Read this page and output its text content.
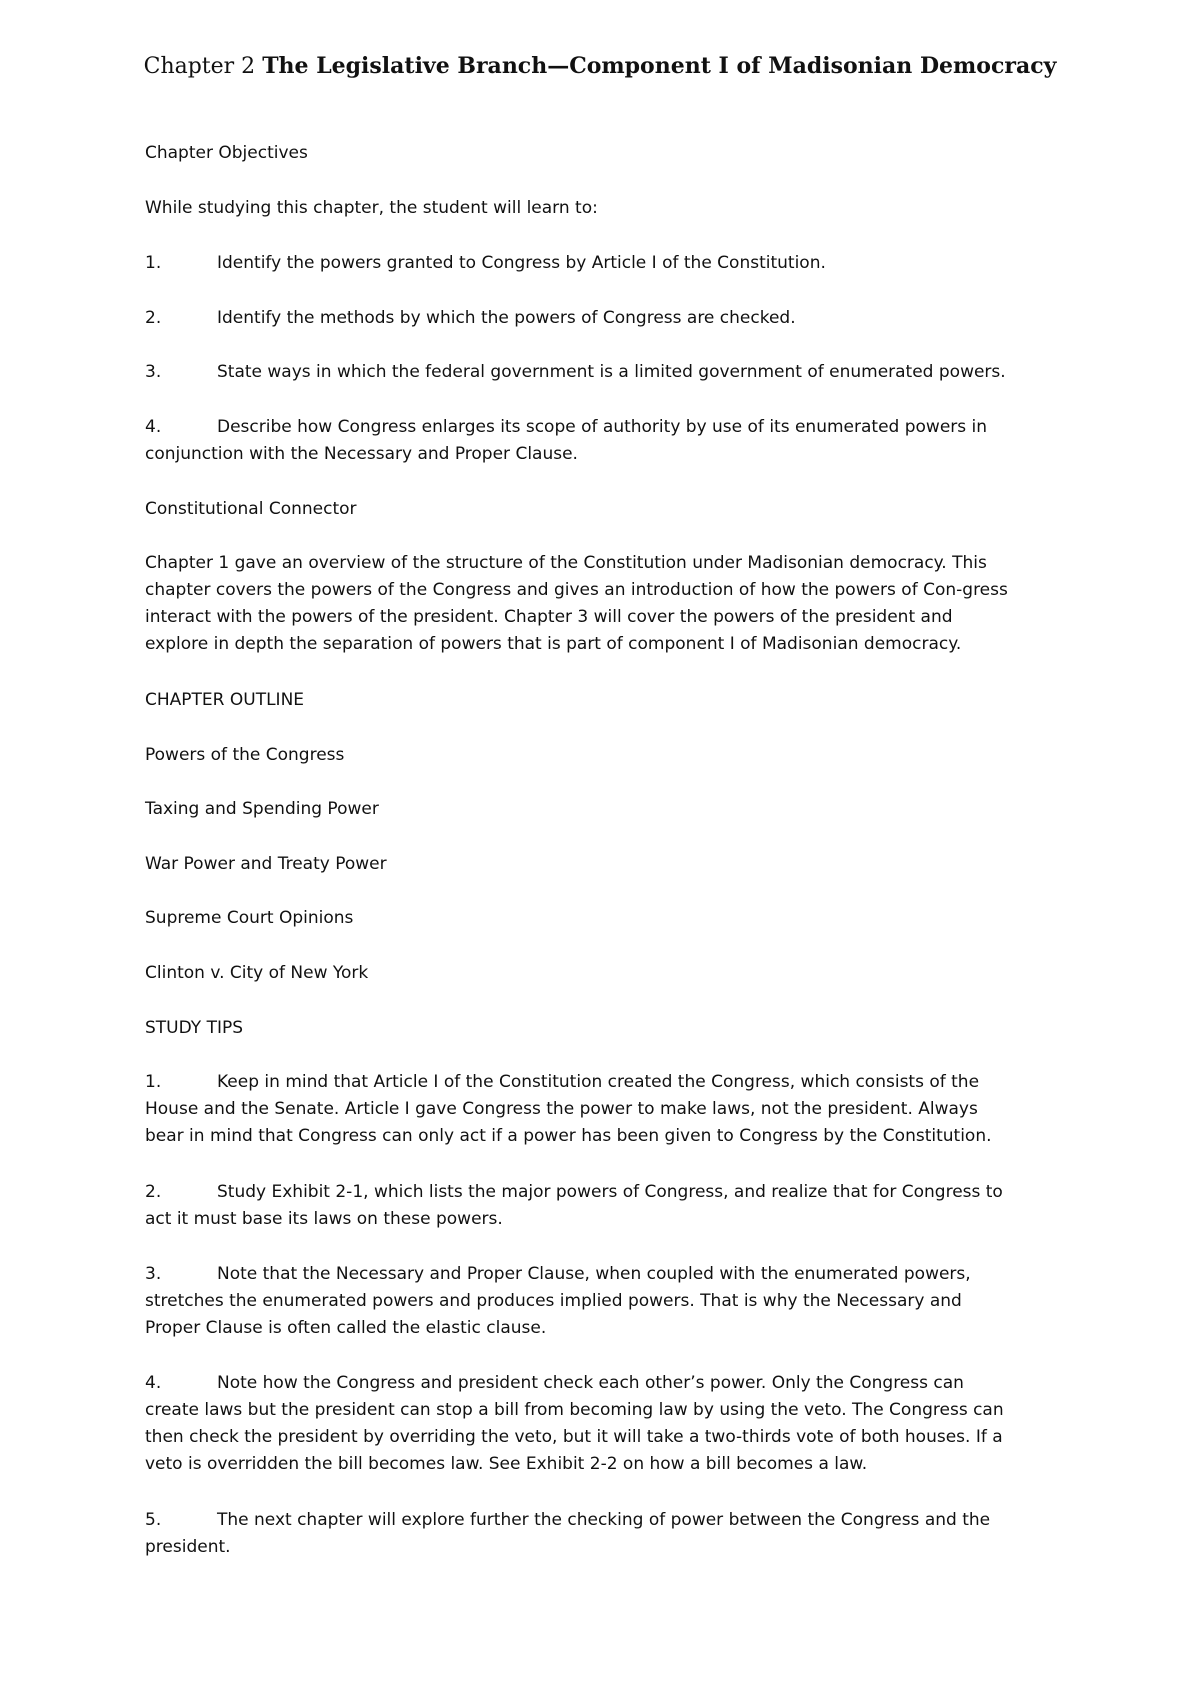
Chapter 2 The Legislative Branch—Component I of Madisonian Democracy
Chapter Objectives
While studying this chapter, the student will learn to:
1.	Identify the powers granted to Congress by Article I of the Constitution.
2.	Identify the methods by which the powers of Congress are checked.
3.	State ways in which the federal government is a limited government of enumerated powers.
4.	Describe how Congress enlarges its scope of authority by use of its enumerated powers in
conjunction with the Necessary and Proper Clause.
Constitutional Connector
Chapter 1 gave an overview of the structure of the Constitution under Madisonian democracy. This
chapter covers the powers of the Congress and gives an introduction of how the powers of Con-gress
interact with the powers of the president. Chapter 3 will cover the powers of the president and
explore in depth the separation of powers that is part of component I of Madisonian democracy.
CHAPTER OUTLINE
Powers of the Congress
Taxing and Spending Power
War Power and Treaty Power
Supreme Court Opinions
Clinton v. City of New York
STUDY TIPS
1.	Keep in mind that Article I of the Constitution created the Congress, which consists of the
House and the Senate. Article I gave Congress the power to make laws, not the president. Always
bear in mind that Congress can only act if a power has been given to Congress by the Constitution.
2.	Study Exhibit 2-1, which lists the major powers of Congress, and realize that for Congress to
act it must base its laws on these powers.
3.	Note that the Necessary and Proper Clause, when coupled with the enumerated powers,
stretches the enumerated powers and produces implied powers. That is why the Necessary and
Proper Clause is often called the elastic clause.
4.	Note how the Congress and president check each other’s power. Only the Congress can
create laws but the president can stop a bill from becoming law by using the veto. The Congress can
then check the president by overriding the veto, but it will take a two-thirds vote of both houses. If a
veto is overridden the bill becomes law. See Exhibit 2-2 on how a bill becomes a law.
5.	The next chapter will explore further the checking of power between the Congress and the
president.
